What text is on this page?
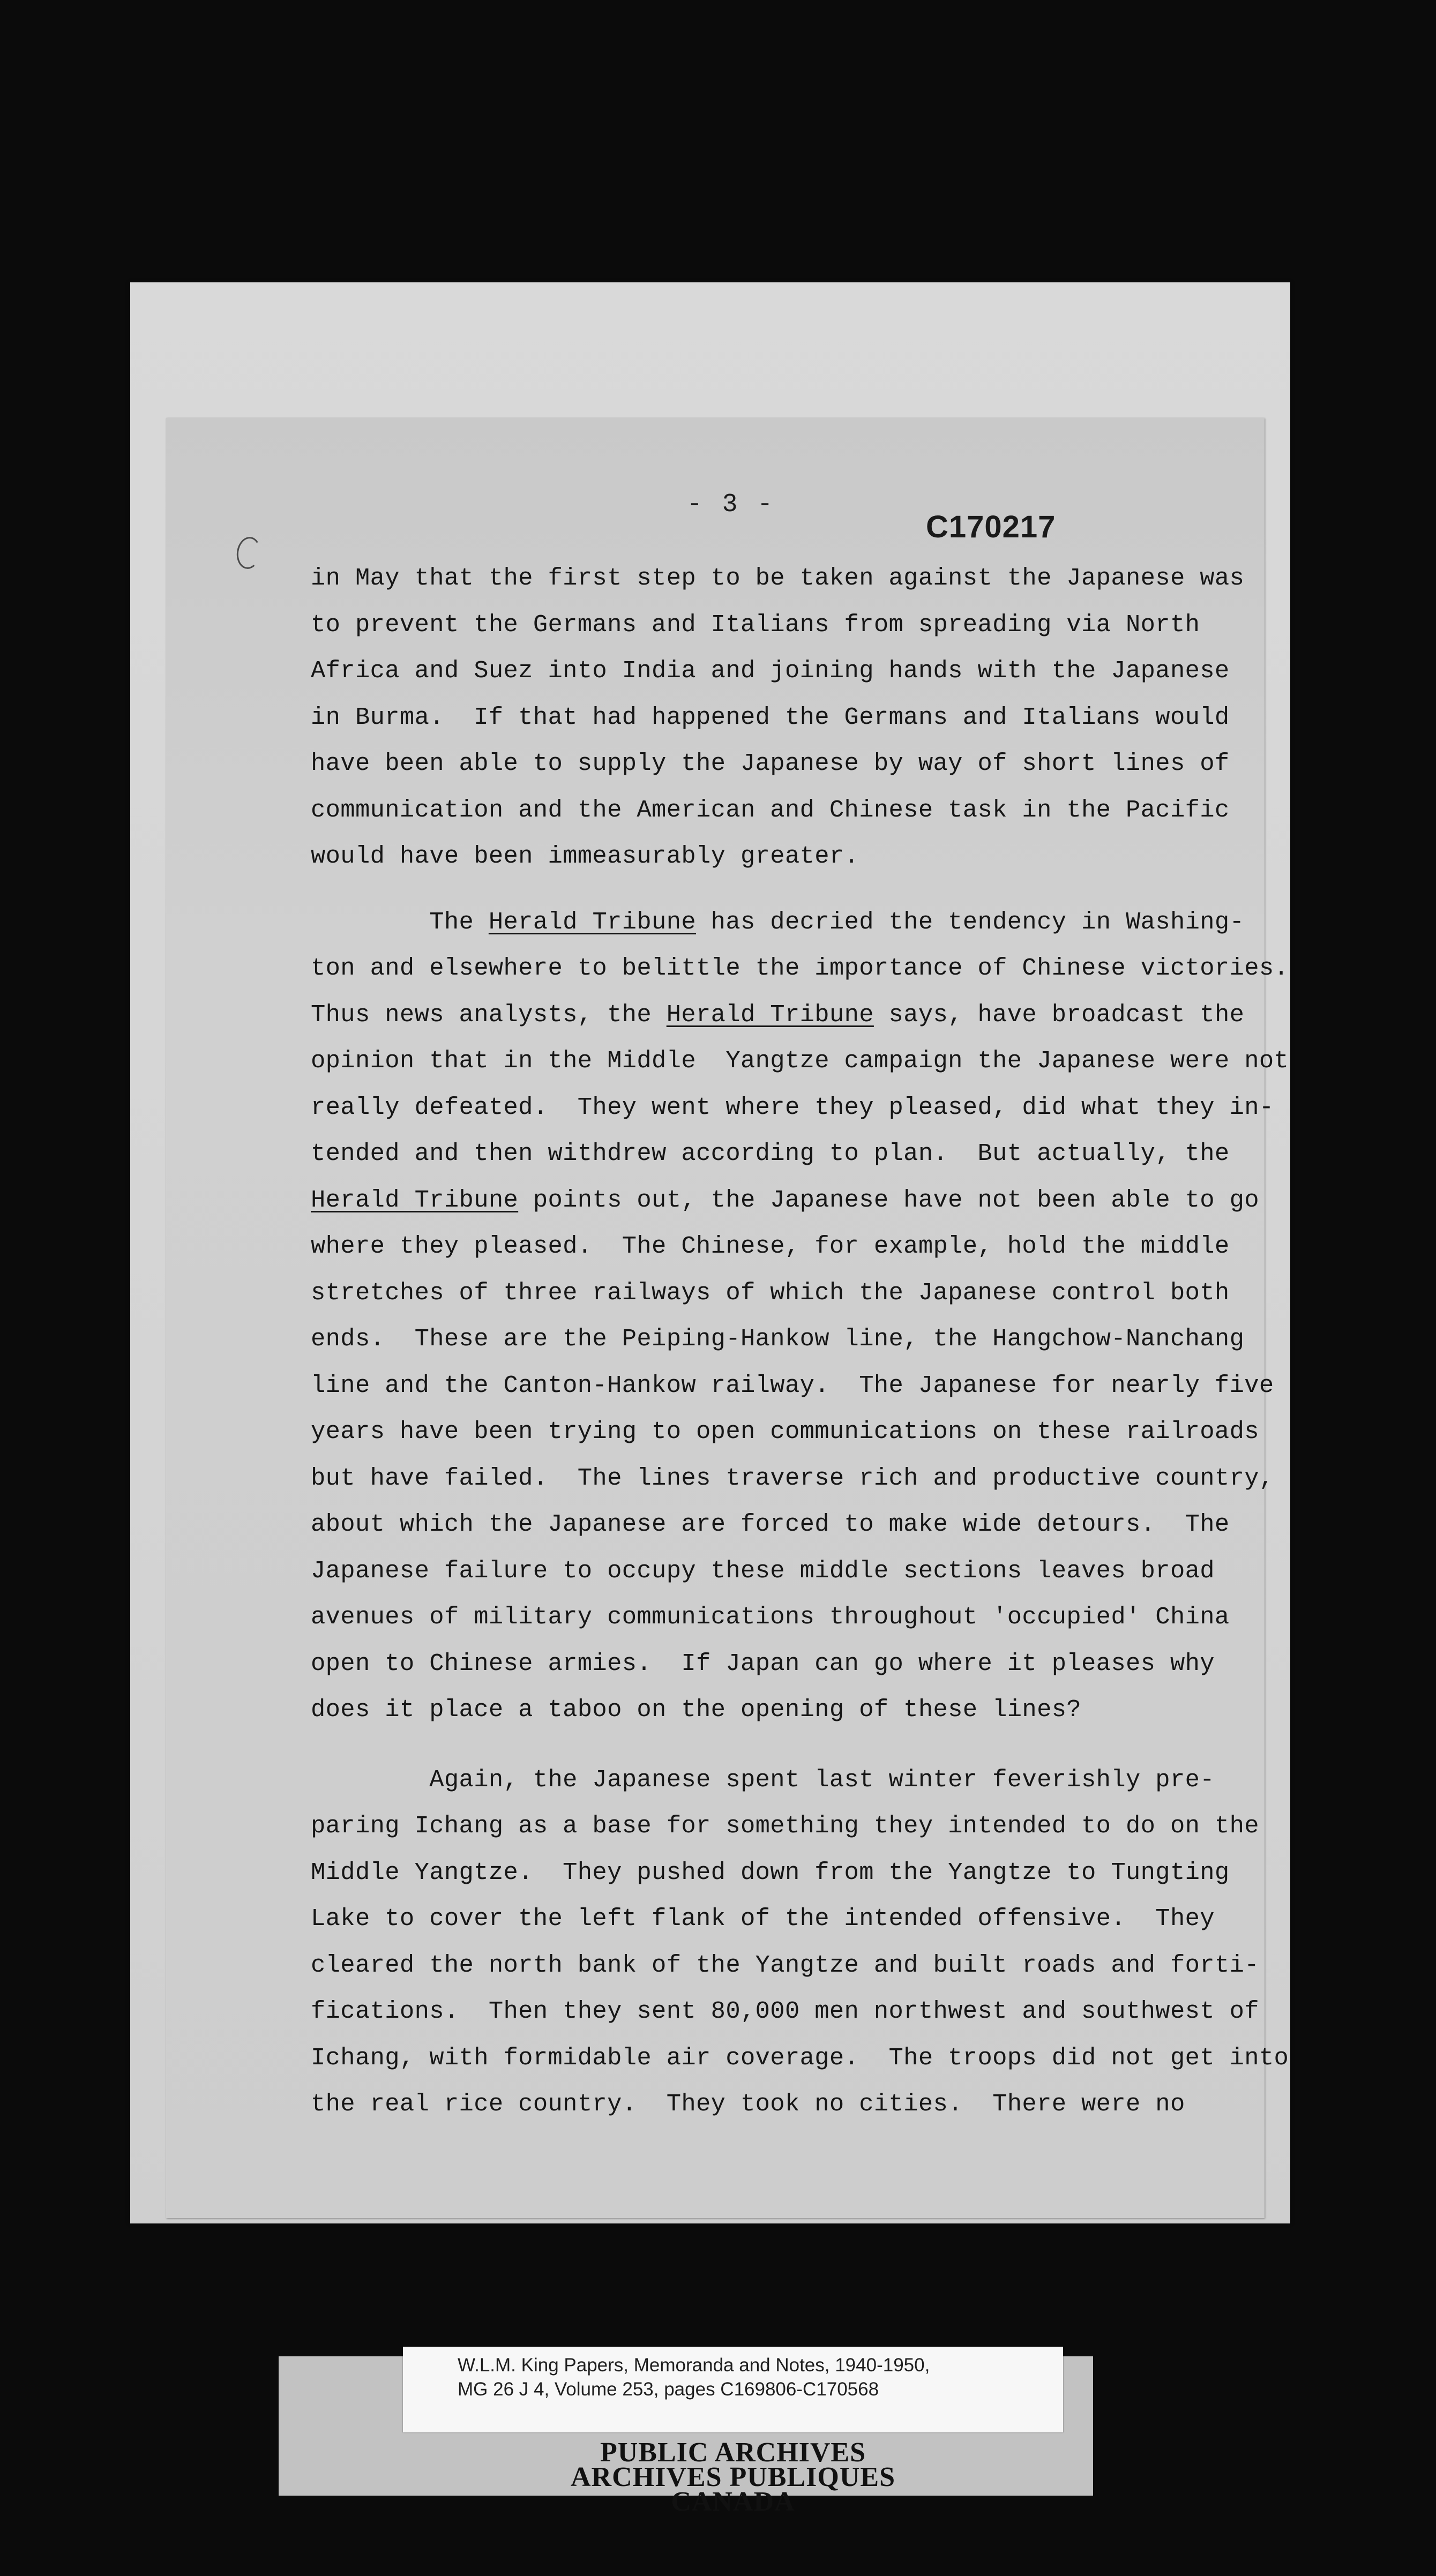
- 3 -
C170217
in May that the first step to be taken against the Japanese was
to prevent the Germans and Italians from spreading via North
Africa and Suez into India and joining hands with the Japanese
in Burma.  If that had happened the Germans and Italians would
have been able to supply the Japanese by way of short lines of
communication and the American and Chinese task in the Pacific
would have been immeasurably greater.
The Herald Tribune has decried the tendency in Washing-
ton and elsewhere to belittle the importance of Chinese victories.
Thus news analysts, the Herald Tribune says, have broadcast the
opinion that in the Middle  Yangtze campaign the Japanese were not
really defeated.  They went where they pleased, did what they in-
tended and then withdrew according to plan.  But actually, the
Herald Tribune points out, the Japanese have not been able to go
where they pleased.  The Chinese, for example, hold the middle
stretches of three railways of which the Japanese control both
ends.  These are the Peiping-Hankow line, the Hangchow-Nanchang
line and the Canton-Hankow railway.  The Japanese for nearly five
years have been trying to open communications on these railroads
but have failed.  The lines traverse rich and productive country,
about which the Japanese are forced to make wide detours.  The
Japanese failure to occupy these middle sections leaves broad
avenues of military communications throughout 'occupied' China
open to Chinese armies.  If Japan can go where it pleases why
does it place a taboo on the opening of these lines?
Again, the Japanese spent last winter feverishly pre-
paring Ichang as a base for something they intended to do on the
Middle Yangtze.  They pushed down from the Yangtze to Tungting
Lake to cover the left flank of the intended offensive.  They
cleared the north bank of the Yangtze and built roads and forti-
fications.  Then they sent 80,000 men northwest and southwest of
Ichang, with formidable air coverage.  The troops did not get into
the real rice country.  They took no cities.  There were no
W.L.M. King Papers, Memoranda and Notes, 1940-1950,
MG 26 J 4, Volume 253, pages C169806-C170568
PUBLIC ARCHIVES
ARCHIVES PUBLIQUES
CANADA
